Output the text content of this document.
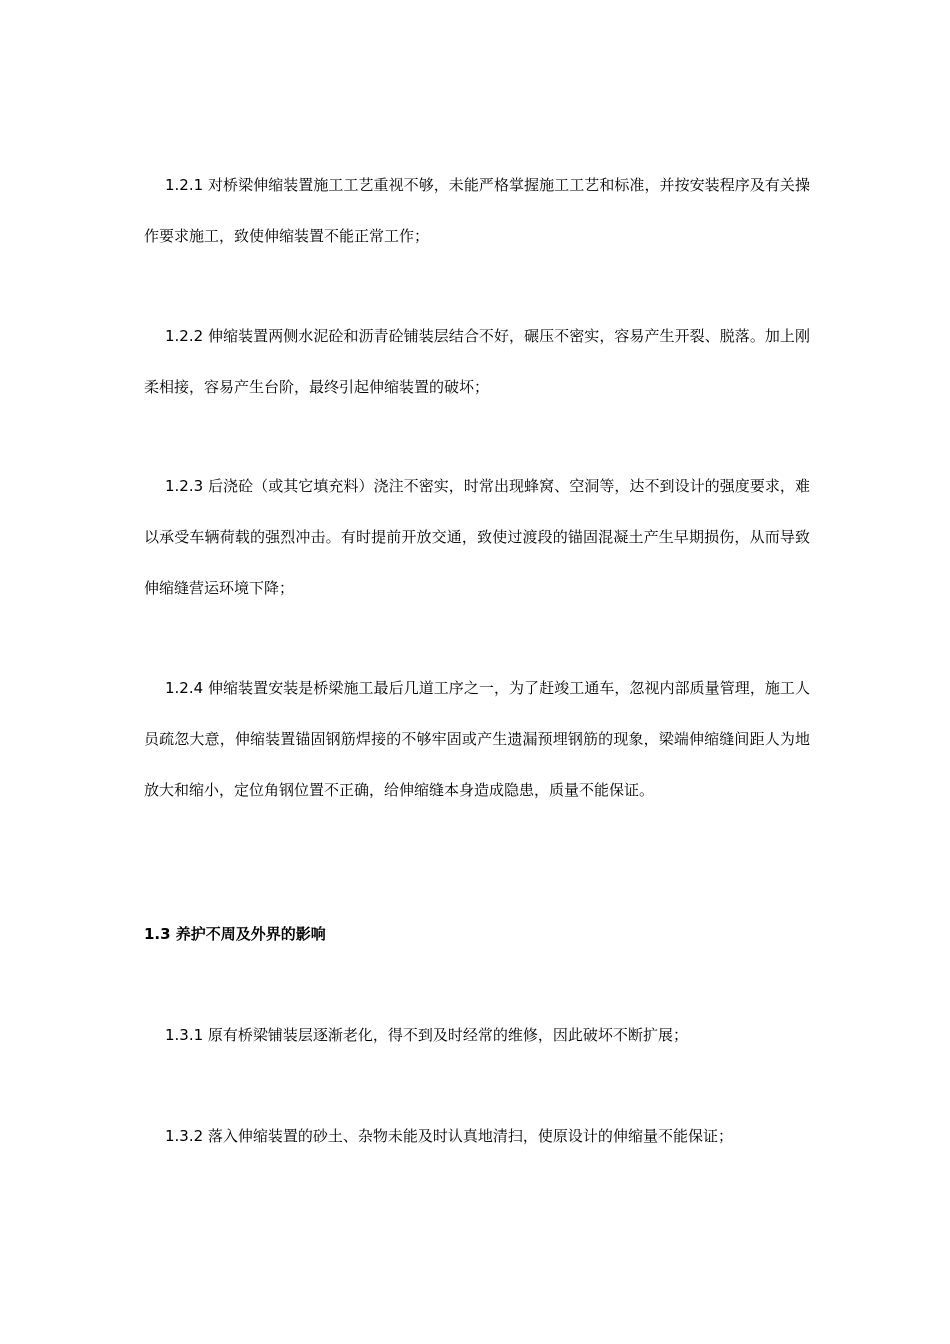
1.2.1 对桥梁伸缩装置施工工艺重视不够，未能严格掌握施工工艺和标准，并按安装程序及有关操作要求施工，致使伸缩装置不能正常工作；

1.2.2 伸缩装置两侧水泥砼和沥青砼铺装层结合不好，碾压不密实，容易产生开裂、脱落。加上刚柔相接，容易产生台阶，最终引起伸缩装置的破坏；

1.2.3 后浇砼（或其它填充料）浇注不密实，时常出现蜂窝、空洞等，达不到设计的强度要求，难以承受车辆荷载的强烈冲击。有时提前开放交通，致使过渡段的锚固混凝土产生早期损伤，从而导致伸缩缝营运环境下降；

1.2.4 伸缩装置安装是桥梁施工最后几道工序之一，为了赶竣工通车，忽视内部质量管理，施工人员疏忽大意，伸缩装置锚固钢筋焊接的不够牢固或产生遗漏预埋钢筋的现象，梁端伸缩缝间距人为地放大和缩小，定位角钢位置不正确，给伸缩缝本身造成隐患，质量不能保证。

1.3 养护不周及外界的影响

1.3.1 原有桥梁铺装层逐渐老化，得不到及时经常的维修，因此破坏不断扩展；

1.3.2 落入伸缩装置的砂土、杂物未能及时认真地清扫，使原设计的伸缩量不能保证；
